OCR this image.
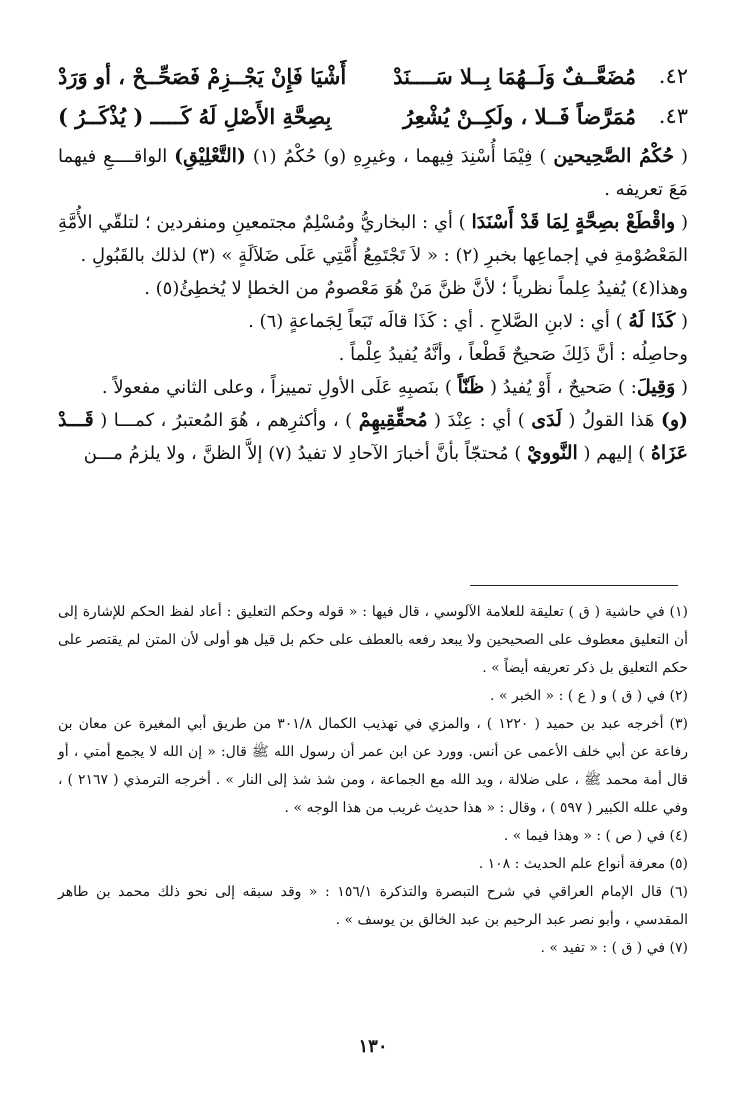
٤٢.
مُضَعَّــفٌ وَلَــهُمَا بِــلا سَــــنَدْ
أَشْيَا فَإِنْ يَجْــزِمْ فَصَحِّــحْ ، أو وَرَدْ
٤٣.
مُمَرَّضاً فَــلا ، ولَكِــنْ يُشْعِرُ
بِصِحَّةِ الأَصْلِ لَهُ كَـــــ ( يُذْكَــرُ )

( حُكْمُ الصَّحِيحين ) فِيْمَا أُسْنِدَ فِيهما ، وغيرِهِ (و) حُكْمُ (١) (التَّعْلِيْقِ) الواقــــعِ فيهما مَعَ تعريفه .

( واقْطَعْ بصِحَّةٍ لِمَا قَدْ أَسْنَدَا ) أي : البخاريُّ ومُسْلِمٌ مجتمعينِ ومنفردين ؛ لتلقّي الأُمَّةِ المَعْصُوْمةِ في إجماعِها بخبرِ (٢) : « لاَ تَجْتَمِعُ أُمَّتِي عَلَى ضَلاَلَةٍ » (٣) لذلك بالقَبُولِ .

وهذا(٤) يُفيدُ عِلماً نظرياً ؛ لأنَّ ظنَّ مَنْ هُوَ مَعْصومٌ من الخطإ لا يُخطِئُ(٥) .

( كَذَا لَهُ ) أي : لابنِ الصَّلاحِ . أي : كَذَا قالَه تَبَعاً لِجَماعةٍ (٦) .

وحاصِلُه : أنَّ ذَلِكَ صَحيحٌ قَطْعاً ، وأنَّهُ يُفيدُ عِلْماً .

( وَقِيلَ: ) صَحيحٌ ، أَوْ يُفيدُ ( ظَنّاً ) بنَصبِهِ عَلَى الأولِ تمييزاً ، وعلى الثاني مفعولاً .

(و) هَذا القولُ ( لَدَى ) أي : عِنْدَ ( مُحقِّقِيهِمْ ) ، وأكثرِهم ، هُوَ المُعتبرُ ، كمـــا ( قَـــدْ عَزَاهُ ) إليهم ( النَّوويْ ) مُحتجّاً بأنَّ أخبارَ الآحادِ لا تفيدُ (٧) إلاَّ الظنَّ ، ولا يلزمُ مـــن

(١) في حاشية ( ق ) تعليقة للعلامة الآلوسي ، قال فيها : « قوله وحكم التعليق : أعاد لفظ الحكم للإشارة إلى أن التعليق معطوف على الصحيحين ولا يبعد رفعه بالعطف على حكم بل قيل هو أولى لأن المتن لم يقتصر على حكم التعليق بل ذكر تعريفه أيضاً » .

(٢) في ( ق ) و ( ع ) : « الخبر » .

(٣) أخرجه عبد بن حميد ( ١٢٢٠ ) ، والمزي في تهذيب الكمال ٣٠١/٨ من طريق أبي المغيرة عن معان بن رفاعة عن أبي خلف الأعمى عن أنس. وورد عن ابن عمر أن رسول الله ﷺ قال: « إن الله لا يجمع أمتي ، أو قال أمة محمد ﷺ ، على ضلالة ، ويد الله مع الجماعة ، ومن شذ شذ إلى النار » . أخرجه الترمذي ( ٢١٦٧ ) ، وفي علله الكبير ( ٥٩٧ ) ، وقال : « هذا حديث غريب من هذا الوجه » .

(٤) في ( ص ) : « وهذا فيما » .

(٥) معرفة أنواع علم الحديث : ١٠٨ .

(٦) قال الإمام العراقي في شرح التبصرة والتذكرة ١٥٦/١ : « وقد سبقه إلى نحو ذلك محمد بن طاهر المقدسي ، وأبو نصر عبد الرحيم بن عبد الخالق بن يوسف » .

(٧) في ( ق ) : « تفيد » .

١٣٠
